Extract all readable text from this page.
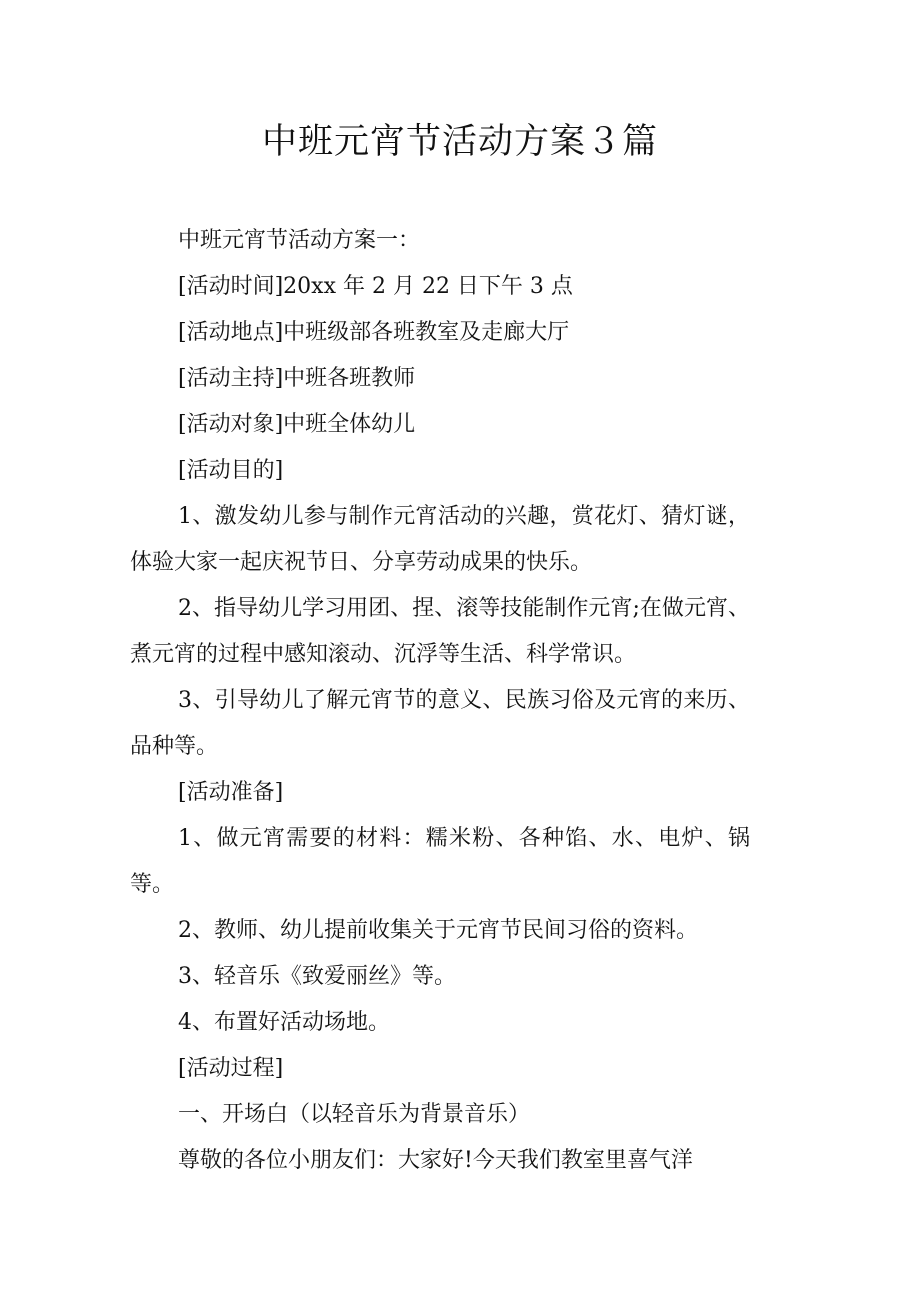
中班元宵节活动方案３篇

中班元宵节活动方案一：

[活动时间]20xx 年 2 月 22 日下午 3 点

[活动地点]中班级部各班教室及走廊大厅

[活动主持]中班各班教师

[活动对象]中班全体幼儿

[活动目的]

1、激发幼儿参与制作元宵活动的兴趣，赏花灯、猜灯谜，体验大家一起庆祝节日、分享劳动成果的快乐。

2、指导幼儿学习用团、捏、滚等技能制作元宵;在做元宵、煮元宵的过程中感知滚动、沉浮等生活、科学常识。

3、引导幼儿了解元宵节的意义、民族习俗及元宵的来历、品种等。

[活动准备]

1、做元宵需要的材料：糯米粉、各种馅、水、电炉、锅等。

2、教师、幼儿提前收集关于元宵节民间习俗的资料。

3、轻音乐《致爱丽丝》等。

4、布置好活动场地。

[活动过程]

一、开场白（以轻音乐为背景音乐）

尊敬的各位小朋友们：大家好!今天我们教室里喜气洋
